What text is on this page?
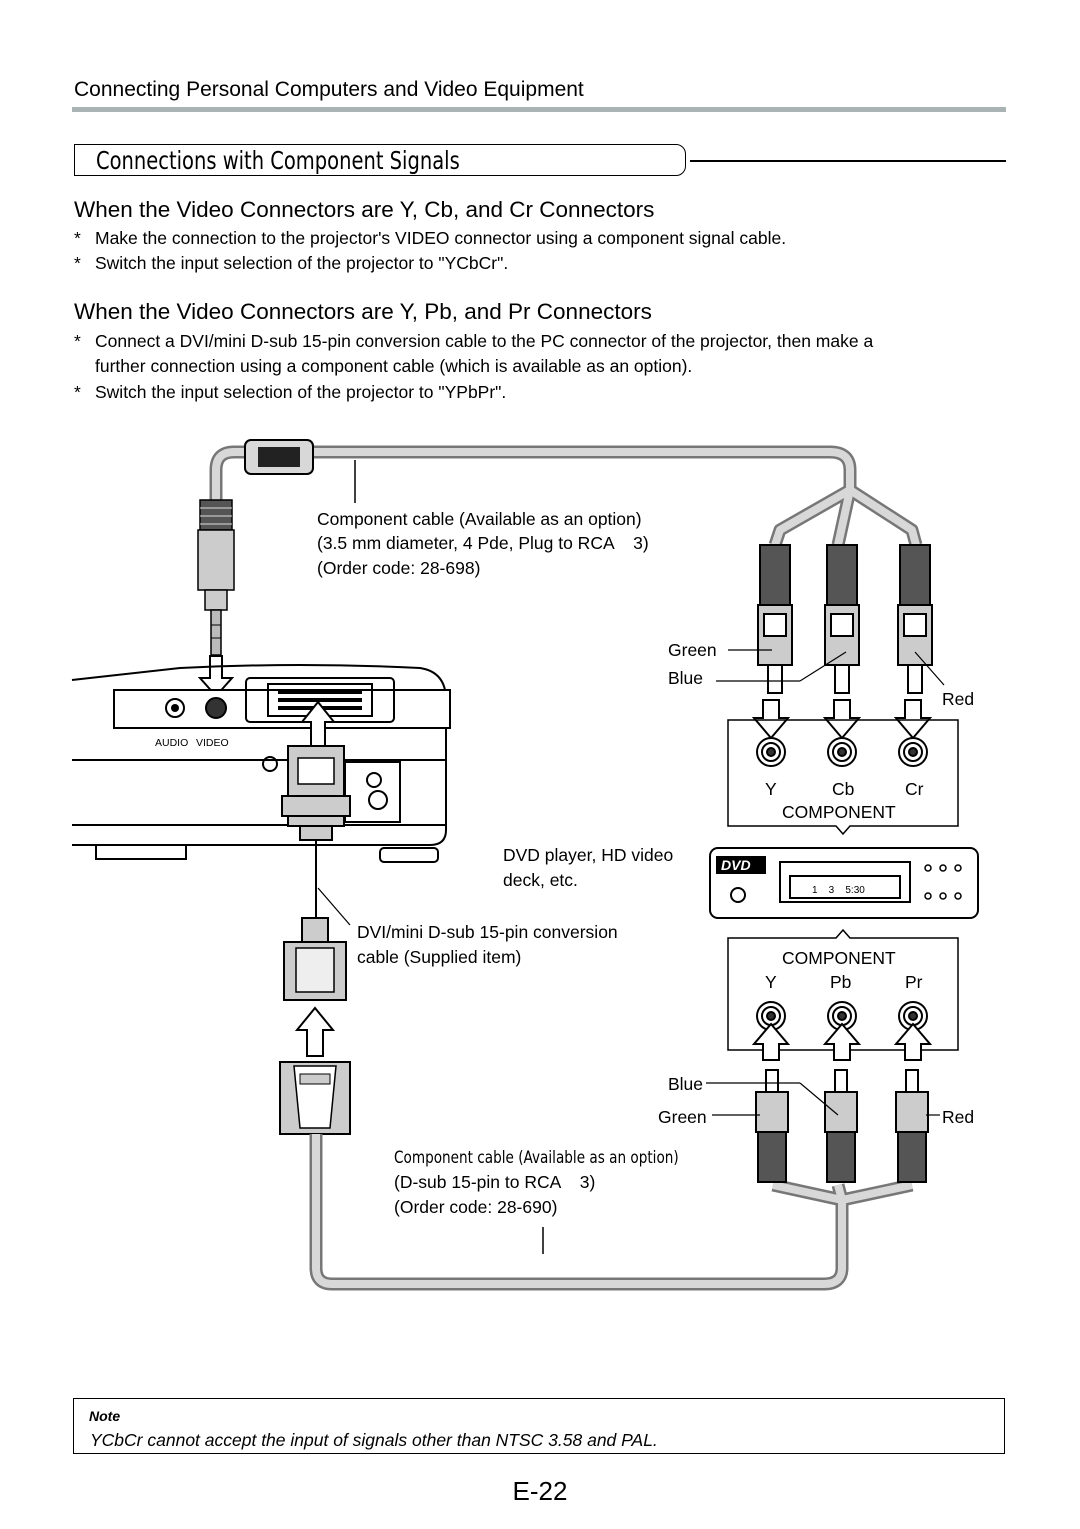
Connecting Personal Computers and Video Equipment
Connections with Component Signals
When the Video Connectors are Y, Cb, and Cr Connectors
* Make the connection to the projector's VIDEO connector using a component signal cable.
* Switch the input selection of the projector to "YCbCr".
When the Video Connectors are Y, Pb, and Pr Connectors
* Connect a DVI/mini D-sub 15-pin conversion cable to the PC connector of the projector, then make a
further connection using a component cable (which is available as an option).
* Switch the input selection of the projector to "YPbPr".
AUDIO VIDEO
DVD
1    3    5:30
Component cable (Available as an option)
(3.5 mm diameter, 4 Pde, Plug to RCA    3)
(Order code: 28-698)
Green
Blue
Red
Y	Cb	Cr
COMPONENT
DVD player, HD video
deck, etc.
DVI/mini D-sub 15-pin conversion
cable (Supplied item)	COMPONENT
Y	Pb	Pr
Blue
Green	Red
Component cable (Available as an option)
(D-sub 15-pin to RCA    3)
(Order code: 28-690)
Note
YCbCr cannot accept the input of signals other than NTSC 3.58 and PAL.
E-22
